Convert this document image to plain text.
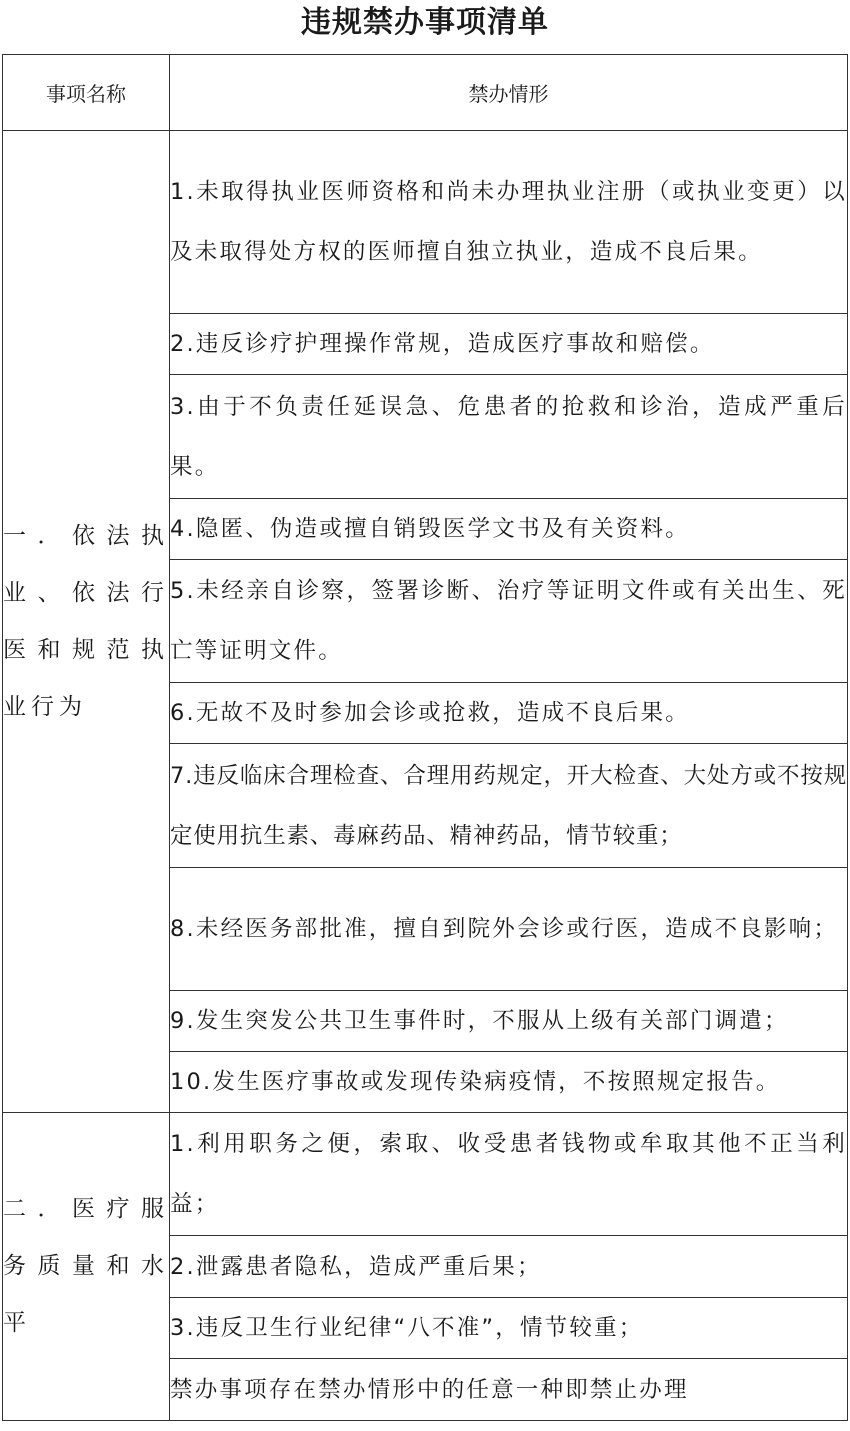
违规禁办事项清单
事项名称	禁办情形
一．依法执业、依法行医和规范执业行为	1.未取得执业医师资格和尚未办理执业注册（或执业变更）以及未取得处方权的医师擅自独立执业，造成不良后果。
	2.违反诊疗护理操作常规，造成医疗事故和赔偿。
	3.由于不负责任延误急、危患者的抢救和诊治，造成严重后果。
	4.隐匿、伪造或擅自销毁医学文书及有关资料。
	5.未经亲自诊察，签署诊断、治疗等证明文件或有关出生、死亡等证明文件。
	6.无故不及时参加会诊或抢救，造成不良后果。
	7.违反临床合理检查、合理用药规定，开大检查、大处方或不按规定使用抗生素、毒麻药品、精神药品，情节较重；
	8.未经医务部批准，擅自到院外会诊或行医，造成不良影响；
	9.发生突发公共卫生事件时，不服从上级有关部门调遣；
	10.发生医疗事故或发现传染病疫情，不按照规定报告。
二．医疗服务质量和水平	1.利用职务之便，索取、收受患者钱物或牟取其他不正当利益；
	2.泄露患者隐私，造成严重后果；
	3.违反卫生行业纪律“八不准”，情节较重；
	禁办事项存在禁办情形中的任意一种即禁止办理
